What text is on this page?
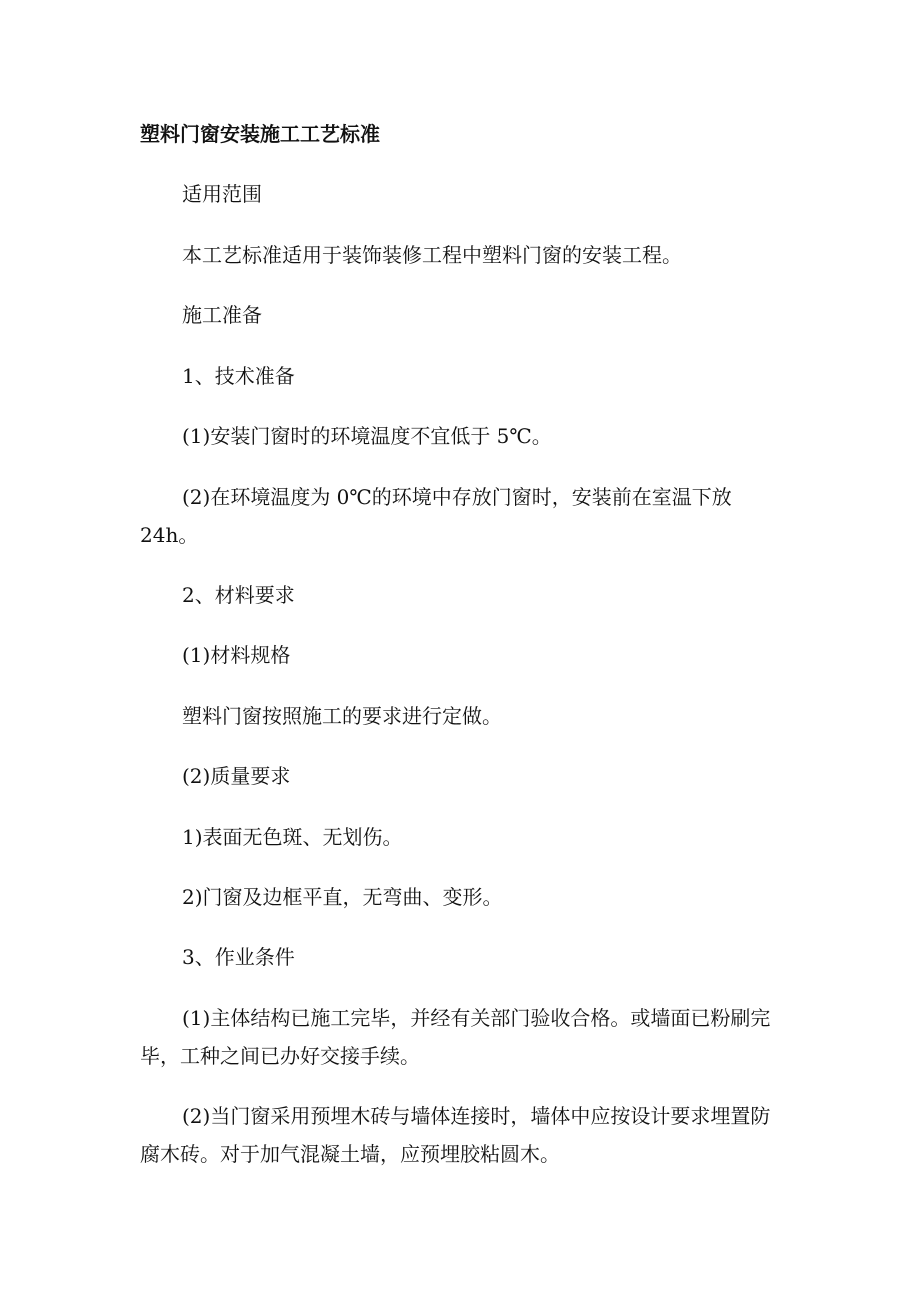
塑料门窗安装施工工艺标准

适用范围

本工艺标准适用于装饰装修工程中塑料门窗的安装工程。

施工准备

1、技术准备

(1)安装门窗时的环境温度不宜低于 5℃。

(2)在环境温度为 0℃的环境中存放门窗时，安装前在室温下放24h。

2、材料要求

(1)材料规格

塑料门窗按照施工的要求进行定做。

(2)质量要求

1)表面无色斑、无划伤。

2)门窗及边框平直，无弯曲、变形。

3、作业条件

(1)主体结构已施工完毕，并经有关部门验收合格。或墙面已粉刷完毕，工种之间已办好交接手续。

(2)当门窗采用预埋木砖与墙体连接时，墙体中应按设计要求埋置防腐木砖。对于加气混凝土墙，应预埋胶粘圆木。
